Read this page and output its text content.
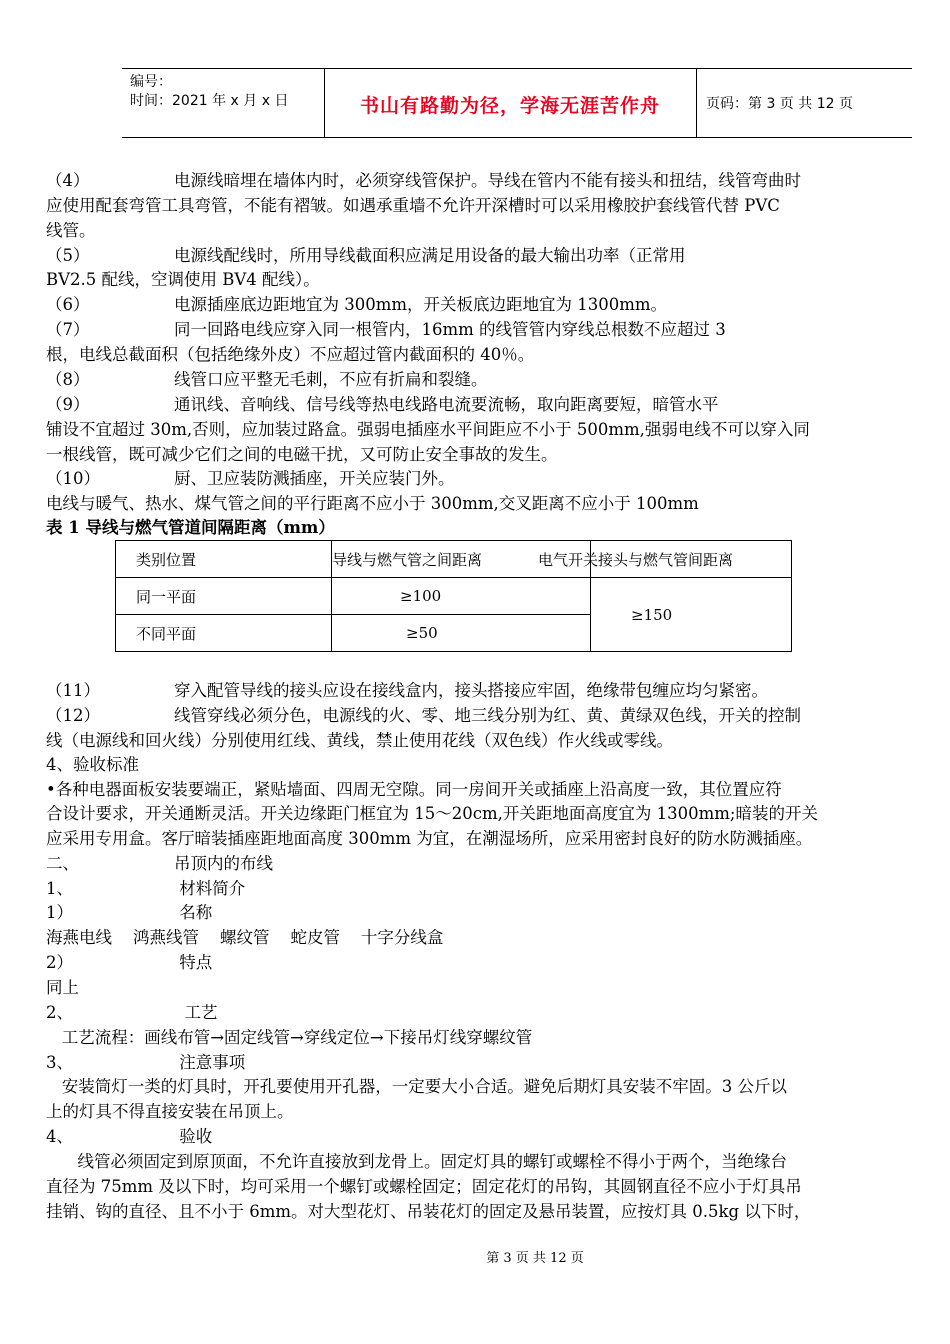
编号：
时间：2021 年 x 月 x 日	书山有路勤为径，学海无涯苦作舟	页码：第 3 页 共 12 页
（4）	电源线暗埋在墙体内时，必须穿线管保护。导线在管内不能有接头和扭结，线管弯曲时
应使用配套弯管工具弯管，不能有褶皱。如遇承重墙不允许开深槽时可以采用橡胶护套线管代替 PVC
线管。
（5）	电源线配线时，所用导线截面积应满足用设备的最大输出功率（正常用
BV2.5 配线，空调使用 BV4 配线）。
（6）	电源插座底边距地宜为 300mm，开关板底边距地宜为 1300mm。
（7）	同一回路电线应穿入同一根管内，16mm 的线管管内穿线总根数不应超过 3
根，电线总截面积（包括绝缘外皮）不应超过管内截面积的 40％。
（8）	线管口应平整无毛刺，不应有折扁和裂缝。
（9）	通讯线、音响线、信号线等热电线路电流要流畅，取向距离要短，暗管水平
铺设不宜超过 30m,否则，应加装过路盒。强弱电插座水平间距应不小于 500mm,强弱电线不可以穿入同
一根线管，既可减少它们之间的电磁干扰，又可防止安全事故的发生。
（10）	厨、卫应装防溅插座，开关应装门外。
电线与暖气、热水、煤气管之间的平行距离不应小于 300mm,交叉距离不应小于 100mm
表 1 导线与燃气管道间隔距离（mm）
类别位置	导线与燃气管之间距离	电气开关接头与燃气管间距离
同一平面	≥100	≥150
不同平面	≥50	
（11）	穿入配管导线的接头应设在接线盒内，接头搭接应牢固，绝缘带包缠应均匀紧密。
（12）	线管穿线必须分色，电源线的火、零、地三线分别为红、黄、黄绿双色线，开关的控制
线（电源线和回火线）分别使用红线、黄线，禁止使用花线（双色线）作火线或零线。
4、验收标准
•各种电器面板安装要端正，紧贴墙面、四周无空隙。同一房间开关或插座上沿高度一致，其位置应符
合设计要求，开关通断灵活。开关边缘距门框宜为 15～20cm,开关距地面高度宜为 1300mm;暗装的开关
应采用专用盒。客厅暗装插座距地面高度 300mm 为宜，在潮湿场所，应采用密封良好的防水防溅插座。
二、	吊顶内的布线
1、	材料简介
1）	名称
海燕电线    鸿燕线管    螺纹管    蛇皮管    十字分线盒
2）	特点
同上
2、	工艺
工艺流程：画线布管→固定线管→穿线定位→下接吊灯线穿螺纹管
3、	注意事项
安装筒灯一类的灯具时，开孔要使用开孔器，一定要大小合适。避免后期灯具安装不牢固。3 公斤以
上的灯具不得直接安装在吊顶上。
4、	验收
线管必须固定到原顶面，不允许直接放到龙骨上。固定灯具的螺钉或螺栓不得小于两个，当绝缘台
直径为 75mm 及以下时，均可采用一个螺钉或螺栓固定；固定花灯的吊钩，其圆钢直径不应小于灯具吊
挂销、钩的直径、且不小于 6mm。对大型花灯、吊装花灯的固定及悬吊装置，应按灯具 0.5kg 以下时，
第 3 页 共 12 页
